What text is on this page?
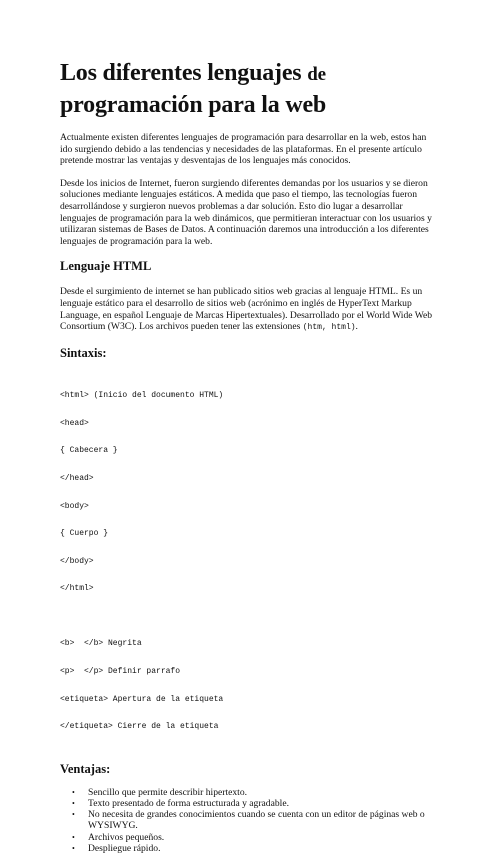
Los diferentes lenguajes de
programación para la web

Actualmente existen diferentes lenguajes de programación para desarrollar en la web, estos han ido surgiendo debido a las tendencias y necesidades de las plataformas. En el presente artículo pretende mostrar las ventajas y desventajas de los lenguajes más conocidos.

Desde los inicios de Internet, fueron surgiendo diferentes demandas por los usuarios y se dieron soluciones mediante lenguajes estáticos. A medida que paso el tiempo, las tecnologías fueron desarrollándose y surgieron nuevos problemas a dar solución. Esto dio lugar a desarrollar lenguajes de programación para la web dinámicos, que permitieran interactuar con los usuarios y utilizaran sistemas de Bases de Datos. A continuación daremos una introducción a los diferentes lenguajes de programación para la web.

Lenguaje HTML

Desde el surgimiento de internet se han publicado sitios web gracias al lenguaje HTML. Es un lenguaje estático para el desarrollo de sitios web (acrónimo en inglés de HyperText Markup Language, en español Lenguaje de Marcas Hipertextuales). Desarrollado por el World Wide Web Consortium (W3C). Los archivos pueden tener las extensiones (htm, html).

Sintaxis:

<html> (Inicio del documento HTML)

<head>

{ Cabecera }

</head>

<body>

{ Cuerpo }

</body>

</html>

<b>  </b> Negrita

<p>  </p> Definir parrafo

<etiqueta> Apertura de la etiqueta

</etiqueta> Cierre de la etiqueta

Ventajas:
• Sencillo que permite describir hipertexto.
• Texto presentado de forma estructurada y agradable.
• No necesita de grandes conocimientos cuando se cuenta con un editor de páginas web o WYSIWYG.
• Archivos pequeños.
• Despliegue rápido.
